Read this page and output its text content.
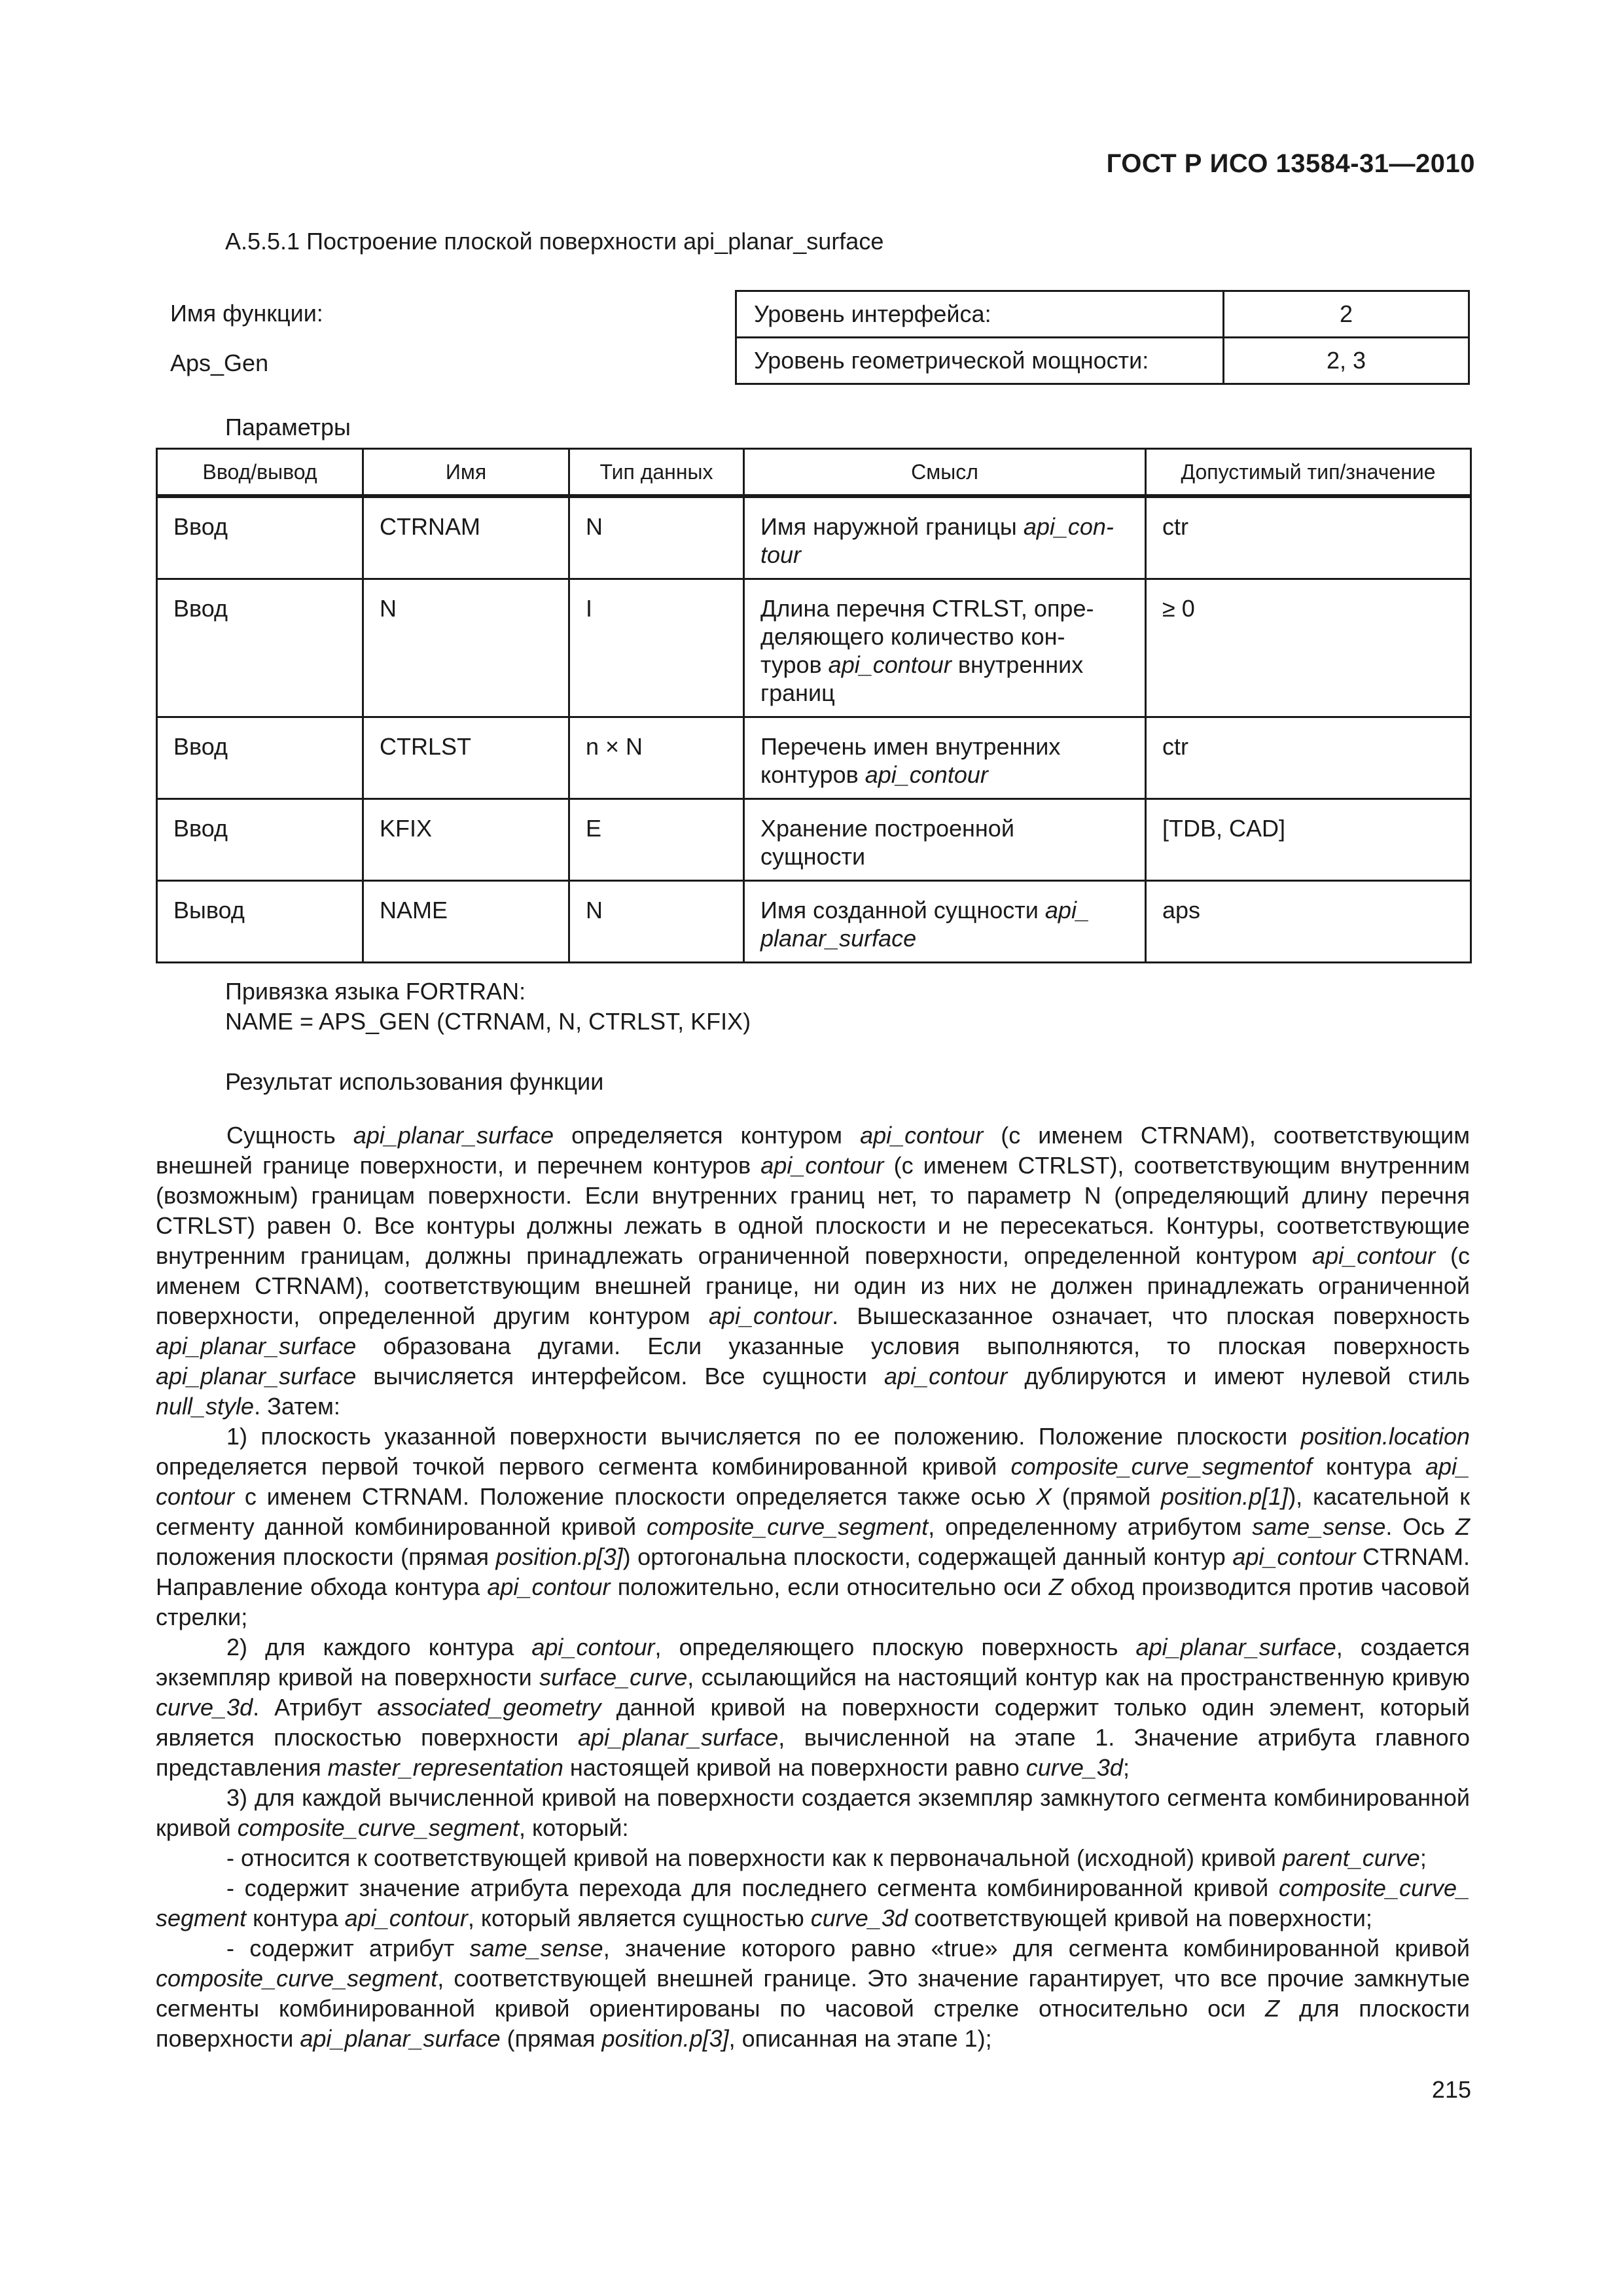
ГОСТ Р ИСО 13584-31—2010
А.5.5.1 Построение плоской поверхности api_planar_surface
Имя функции:
Aps_Gen
Уровень интерфейса:	2
Уровень геометрической мощности:	2, 3
Параметры
Ввод/вывод	Имя	Тип данных	Смысл	Допустимый тип/значение
Ввод	CTRNAM	N	Имя наружной границы api_con-
tour	ctr
Ввод	N	I	Длина перечня CTRLST, опре-
деляющего количество кон-
туров api_contour внутренних
границ	≥ 0
Ввод	CTRLST	n × N	Перечень имен внутренних
контуров api_contour	ctr
Ввод	KFIX	E	Хранение построенной
сущности	[TDB, CAD]
Вывод	NAME	N	Имя созданной сущности api_
planar_surface	aps
Привязка языка FORTRAN:
NAME = APS_GEN (CTRNAM, N, CTRLST, KFIX)
Результат использования функции

Сущность api_planar_surface определяется контуром api_contour (с именем CTRNAM), соответствующим внешней границе поверхности, и перечнем контуров api_contour (с именем CTRLST), соответствующим внутренним (возможным) границам поверхности. Если внутренних границ нет, то параметр N (определяющий длину перечня CTRLST) равен 0. Все контуры должны лежать в одной плоскости и не пересекаться. Контуры, соответствующие внутренним границам, должны принадлежать ограниченной поверхности, определенной контуром api_contour (с именем CTRNAM), соответствующим внешней границе, ни один из них не должен принадлежать ограниченной поверхности, определенной другим контуром api_contour. Вышесказанное означает, что плоская поверхность api_planar_surface образована дугами. Если указанные условия выполняются, то плоская поверхность api_planar_surface вычисляется интерфейсом. Все сущности api_contour дублируются и имеют нулевой стиль null_style. Затем:

1) плоскость указанной поверхности вычисляется по ее положению. Положение плоскости position.location определяется первой точкой первого сегмента комбинированной кривой composite_curve_segmentof контура api_ contour с именем CTRNAM. Положение плоскости определяется также осью X (прямой position.p[1]), касательной к сегменту данной комбинированной кривой composite_curve_segment, определенному атрибутом same_sense. Ось Z положения плоскости (прямая position.p[3]) ортогональна плоскости, содержащей данный контур api_contour CTRNAM. Направление обхода контура api_contour положительно, если относительно оси Z обход производится против часовой стрелки;

2) для каждого контура api_contour, определяющего плоскую поверхность api_planar_surface, создается экземпляр кривой на поверхности surface_curve, ссылающийся на настоящий контур как на пространственную кривую curve_3d. Атрибут associated_geometry данной кривой на поверхности содержит только один элемент, который является плоскостью поверхности api_planar_surface, вычисленной на этапе 1. Значение атрибута главного представления master_representation настоящей кривой на поверхности равно curve_3d;

3) для каждой вычисленной кривой на поверхности создается экземпляр замкнутого сегмента комбинированной кривой composite_curve_segment, который:

- относится к соответствующей кривой на поверхности как к первоначальной (исходной) кривой parent_curve;

- содержит значение атрибута перехода для последнего сегмента комбинированной кривой composite_curve_ segment контура api_contour, который является сущностью curve_3d соответствующей кривой на поверхности;

- содержит атрибут same_sense, значение которого равно «true» для сегмента комбинированной кривой composite_curve_segment, соответствующей внешней границе. Это значение гарантирует, что все прочие замкнутые сегменты комбинированной кривой ориентированы по часовой стрелке относительно оси Z для плоскости поверхности api_planar_surface (прямая position.p[3], описанная на этапе 1);

215
